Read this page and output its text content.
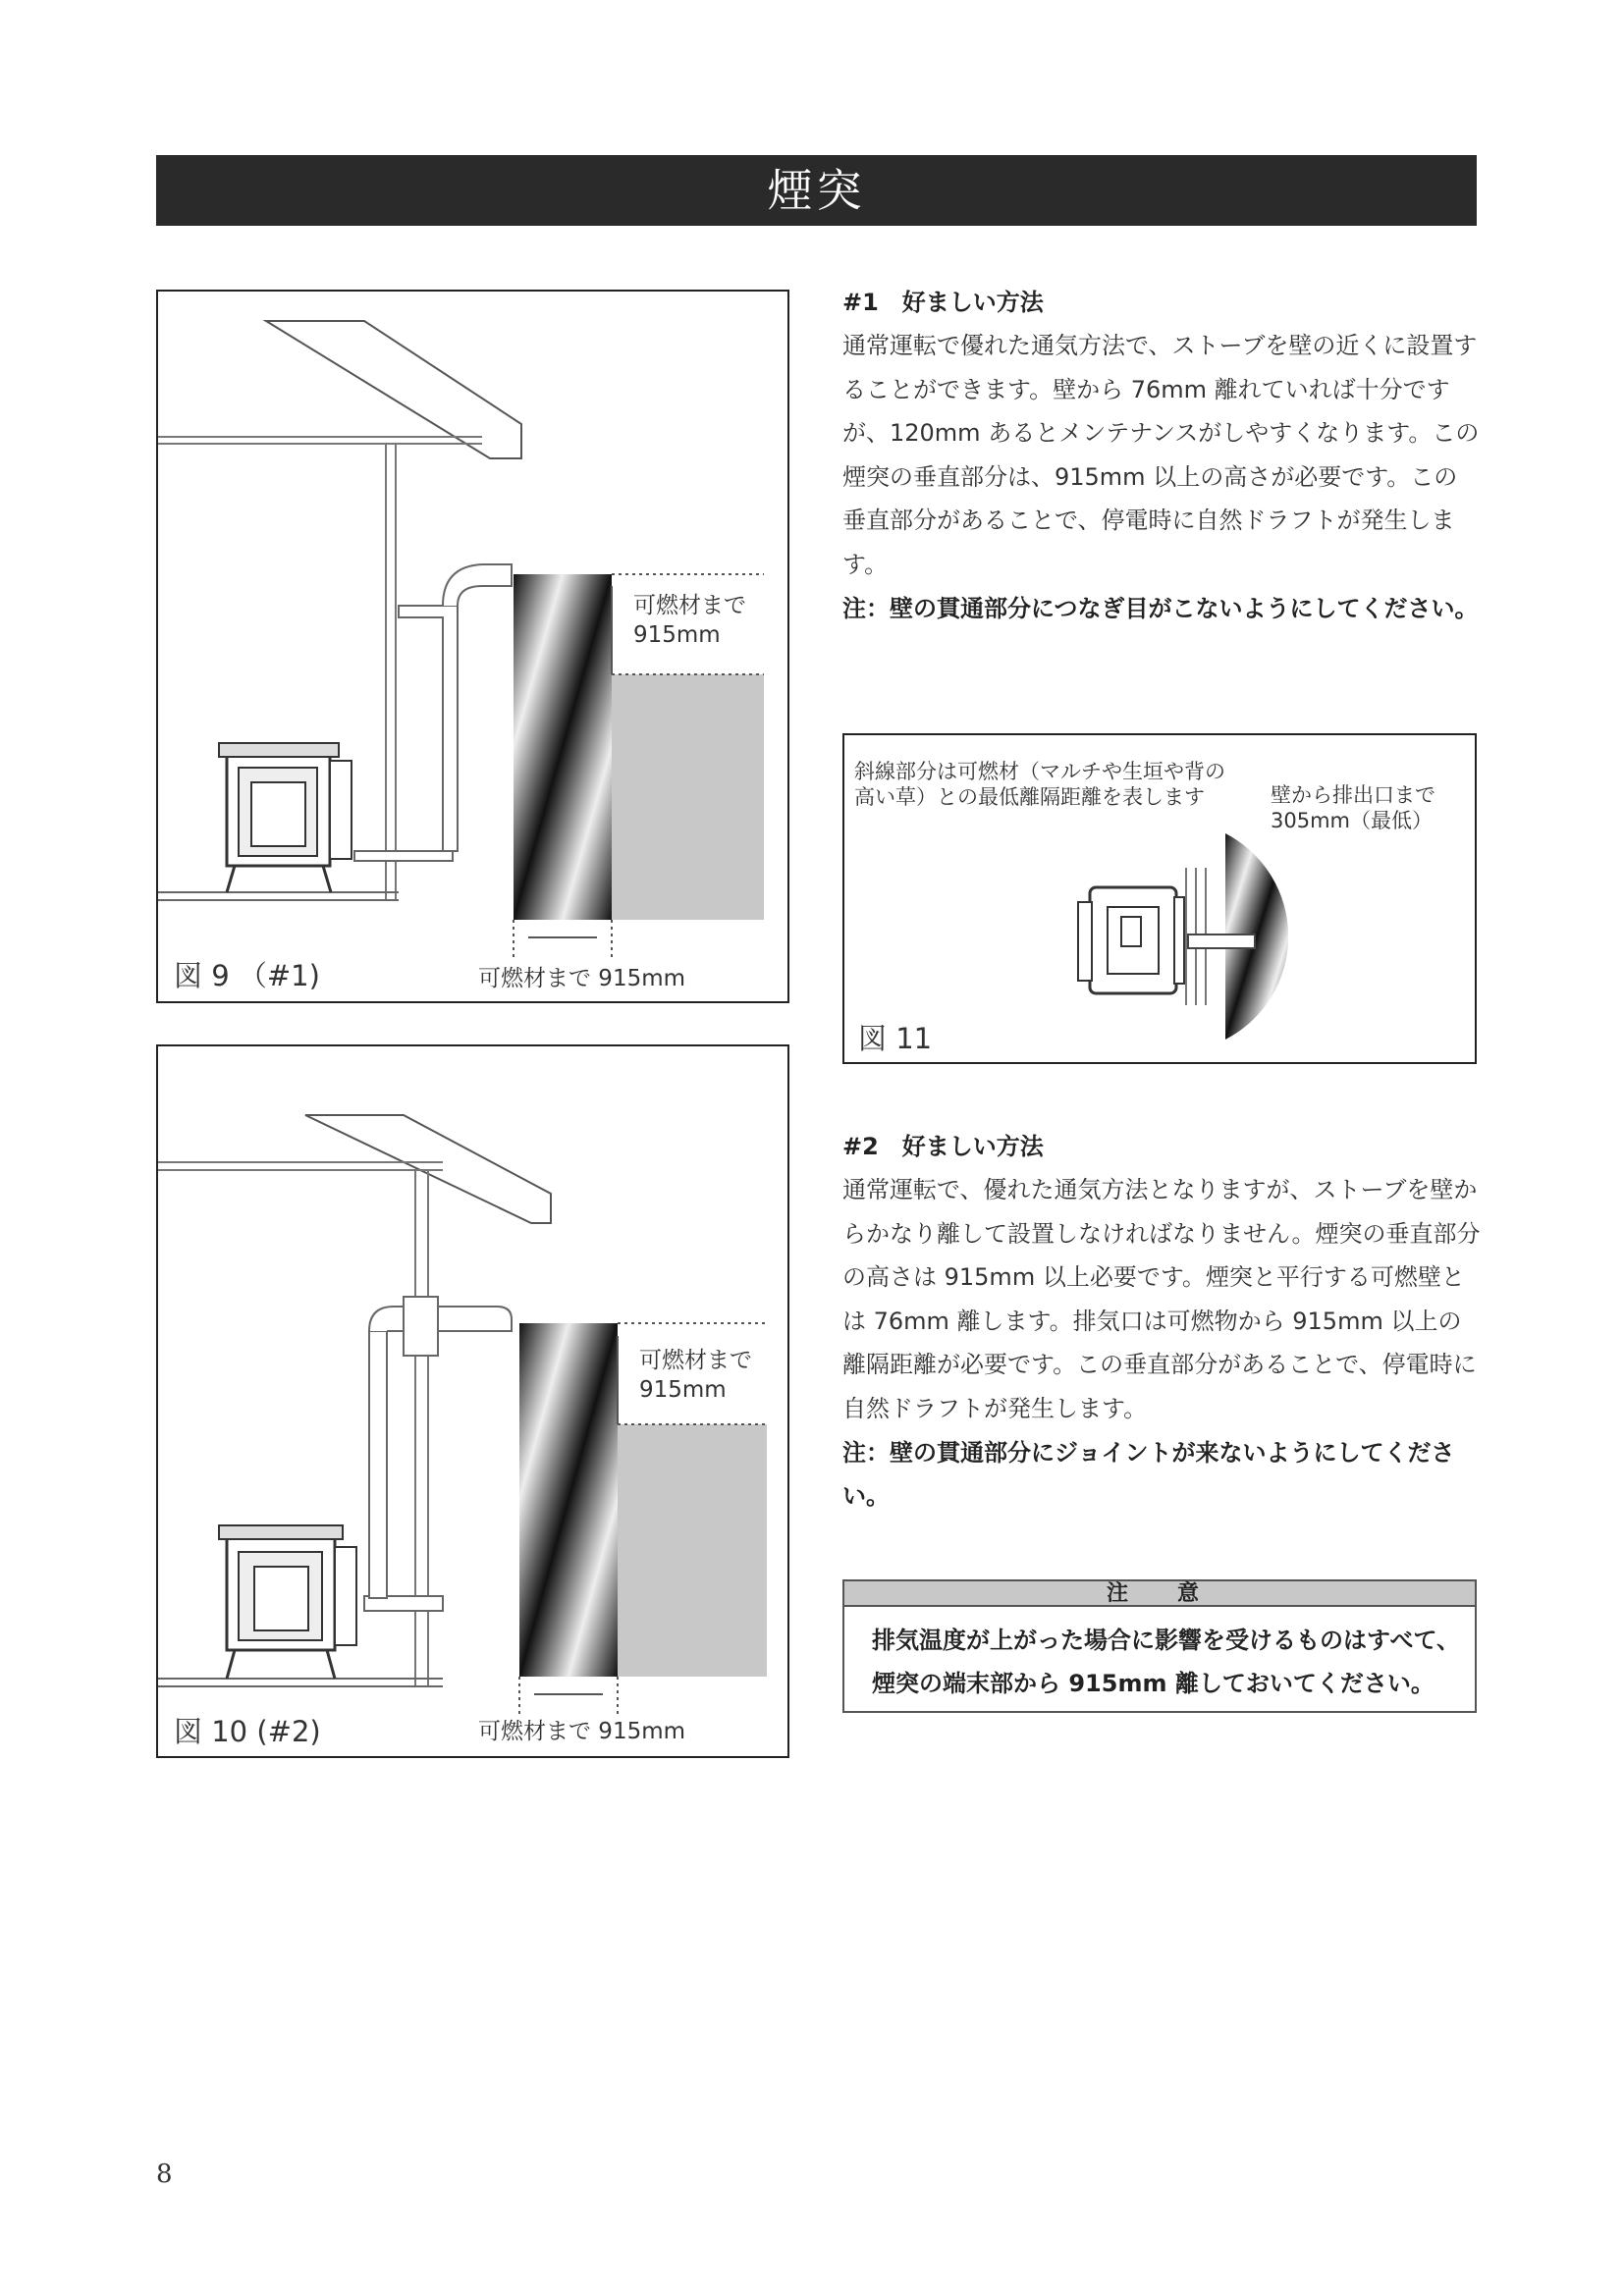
煙突
可燃材まで
915mm
可燃材まで 915mm
図 9 （#1)
可燃材まで
915mm
可燃材まで 915mm
図 10 (#2)
斜線部分は可燃材（マルチや生垣や背の
高い草）との最低離隔距離を表します	壁から排出口まで
305mm（最低）
図 11
#1　好ましい方法
通常運転で優れた通気方法で、ストーブを壁の近くに設置することができます。壁から 76mm 離れていれば十分ですが、120mm あるとメンテナンスがしやすくなります。この煙突の垂直部分は、915mm 以上の高さが必要です。この垂直部分があることで、停電時に自然ドラフトが発生します。
注：壁の貫通部分につなぎ目がこないようにしてください。
#2　好ましい方法
通常運転で、優れた通気方法となりますが、ストーブを壁からかなり離して設置しなければなりません。煙突の垂直部分の高さは 915mm 以上必要です。煙突と平行する可燃壁とは 76mm 離します。排気口は可燃物から 915mm 以上の離隔距離が必要です。この垂直部分があることで、停電時に自然ドラフトが発生します。
注：壁の貫通部分にジョイントが来ないようにしてください。
注　意
排気温度が上がった場合に影響を受けるものはすべて、煙突の端末部から 915mm 離しておいてください。
8
